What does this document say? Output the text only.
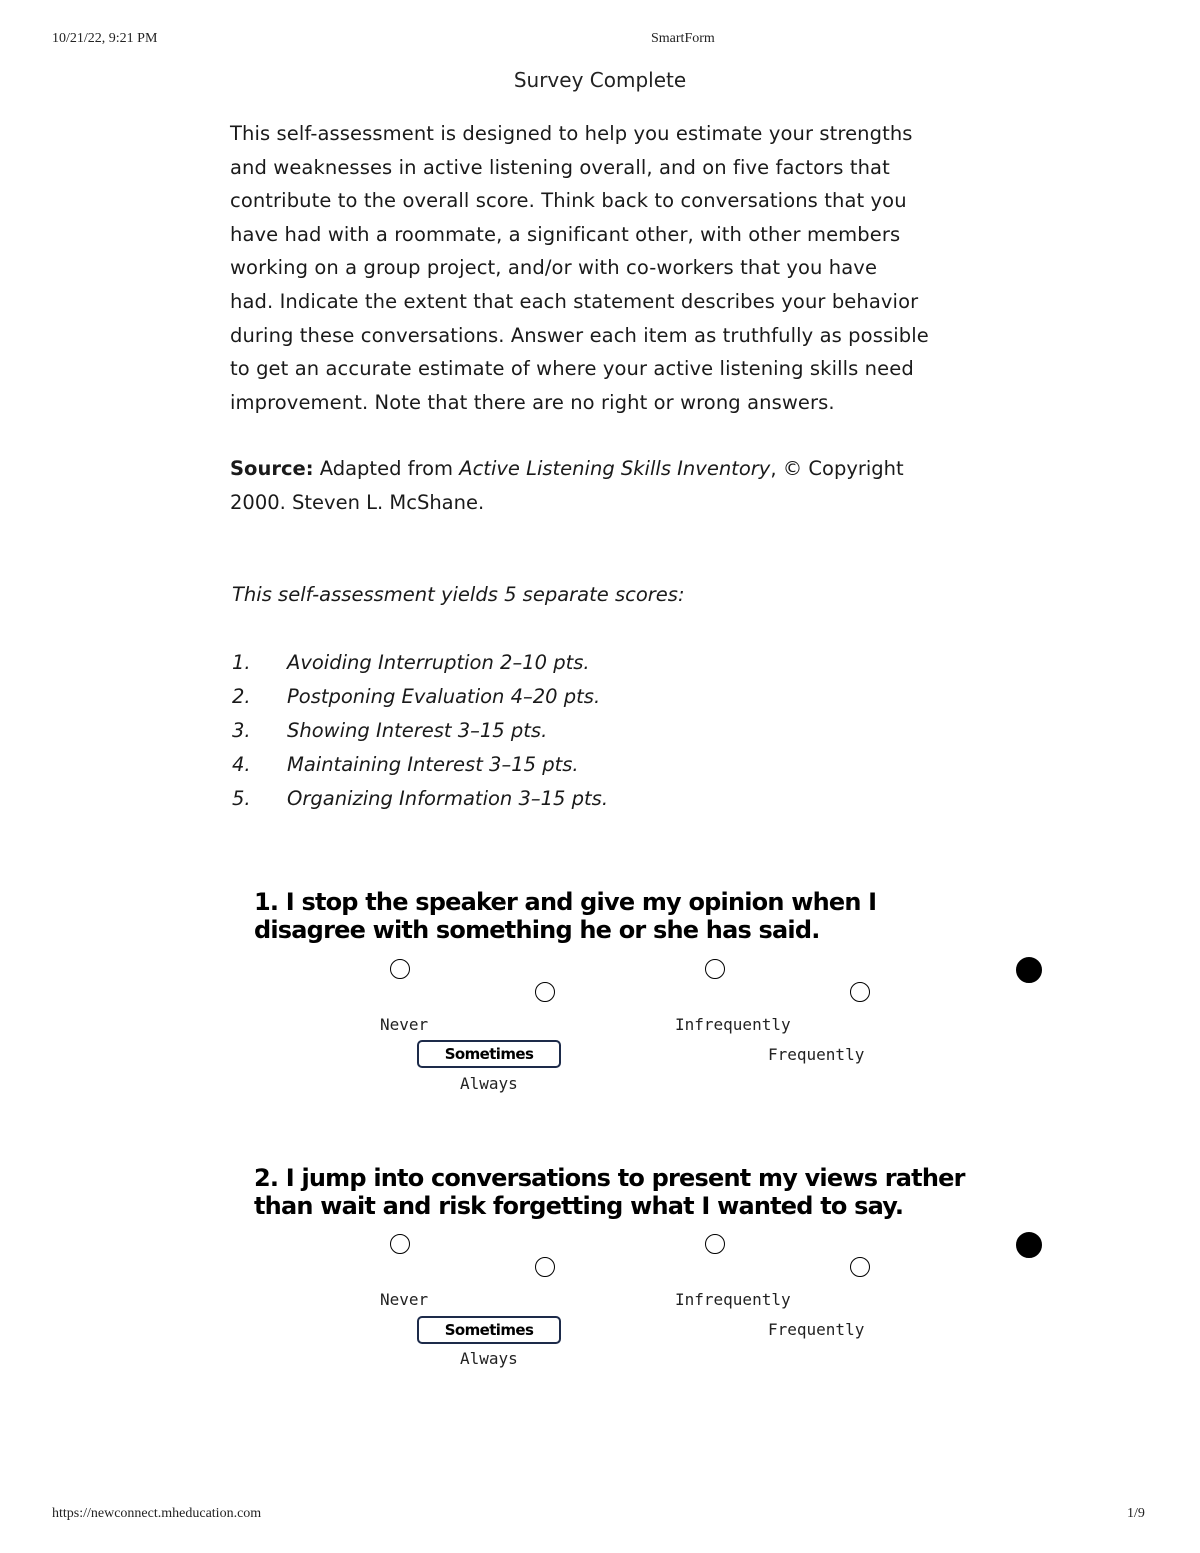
10/21/22, 9:21 PM	SmartForm
Survey Complete
This self-assessment is designed to help you estimate your strengths
and weaknesses in active listening overall, and on five factors that
contribute to the overall score. Think back to conversations that you
have had with a roommate, a significant other, with other members
working on a group project, and/or with co-workers that you have
had. Indicate the extent that each statement describes your behavior
during these conversations. Answer each item as truthfully as possible
to get an accurate estimate of where your active listening skills need
improvement. Note that there are no right or wrong answers.
Source: Adapted from Active Listening Skills Inventory, © Copyright
2000. Steven L. McShane.
This self-assessment yields 5 separate scores:
1.	Avoiding Interruption 2–10 pts.
2.	Postponing Evaluation 4–20 pts.
3.	Showing Interest 3–15 pts.
4.	Maintaining Interest 3–15 pts.
5.	Organizing Information 3–15 pts.
1. I stop the speaker and give my opinion when I
disagree with something he or she has said.
Never	Infrequently
Sometimes	Frequently
Always
2. I jump into conversations to present my views rather
than wait and risk forgetting what I wanted to say.
Never	Infrequently
Sometimes	Frequently
Always
https://newconnect.mheducation.com	1/9
